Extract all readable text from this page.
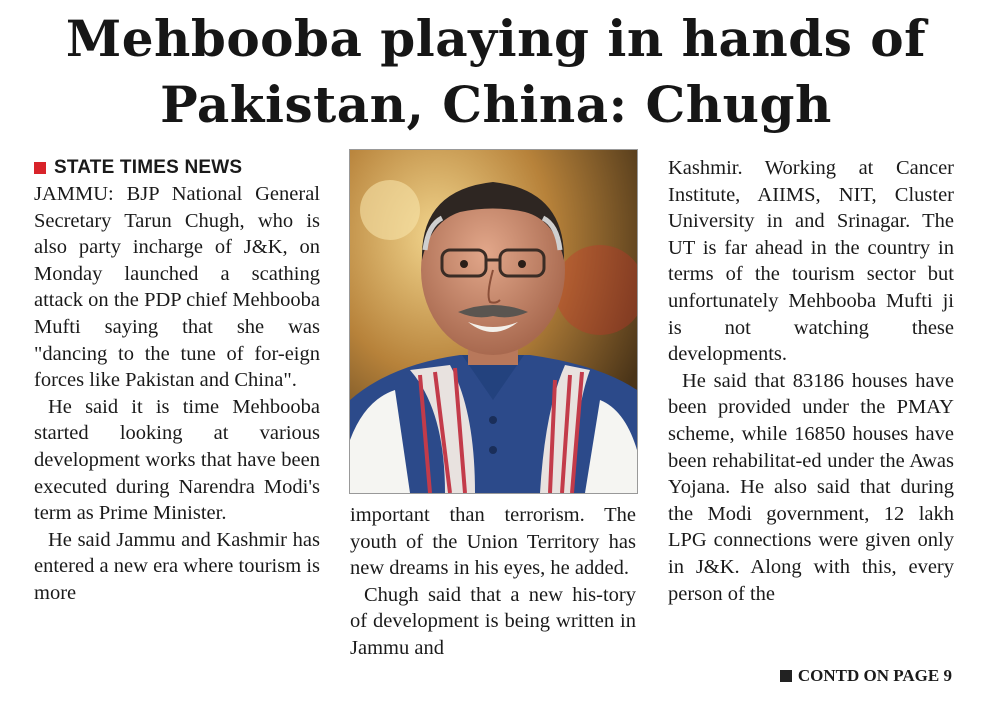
Mehbooba playing in hands of
Pakistan, China: Chugh
STATE TIMES NEWS

JAMMU: BJP National General Secretary Tarun Chugh, who is also party incharge of J&K, on Monday launched a scathing attack on the PDP chief Mehbooba Mufti saying that she was "dancing to the tune of for-eign forces like Pakistan and China".

He said it is time Mehbooba started looking at various development works that have been executed during Narendra Modi's term as Prime Minister.

He said Jammu and Kashmir has entered a new era where tourism is more

important than terrorism. The youth of the Union Territory has new dreams in his eyes, he added.

Chugh said that a new his-tory of development is being written in Jammu and

Kashmir. Working at Cancer Institute, AIIMS, NIT, Cluster University in and Srinagar. The UT is far ahead in the country in terms of the tourism sector but unfortunately Mehbooba Mufti ji is not watching these developments.

He said that 83186 houses have been provided under the PMAY scheme, while 16850 houses have been rehabilitat-ed under the Awas Yojana. He also said that during the Modi government, 12 lakh LPG connections were given only in J&K. Along with this, every person of the

CONTD ON PAGE 9
